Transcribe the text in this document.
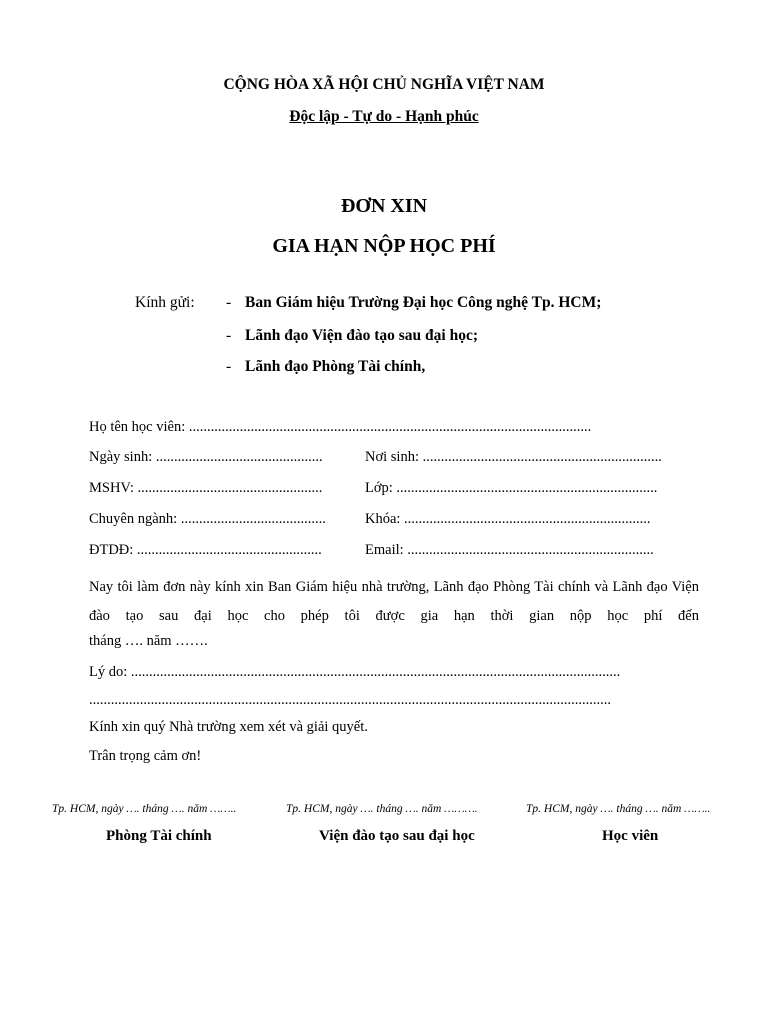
CỘNG HÒA XÃ HỘI CHỦ NGHĨA VIỆT NAM
Độc lập - Tự do - Hạnh phúc
ĐƠN XIN
GIA HẠN NỘP HỌC PHÍ
Kính gửi: - Ban Giám hiệu Trường Đại học Công nghệ Tp. HCM;
- Lãnh đạo Viện đào tạo sau đại học;
- Lãnh đạo Phòng Tài chính,
Họ tên học viên: ...............................................................................................................
Ngày sinh: ..............................................	Nơi sinh: ..................................................................
MSHV: ...................................................	Lớp: ........................................................................
Chuyên ngành: ........................................	Khóa: ....................................................................
ĐTDĐ: ...................................................	Email: ....................................................................
Nay tôi làm đơn này kính xin Ban Giám hiệu nhà trường, Lãnh đạo Phòng Tài chính và Lãnh đạo Viện đào tạo sau đại học cho phép tôi được gia hạn thời gian nộp học phí đến
tháng …. năm …….
Lý do: .......................................................................................................................................
................................................................................................................................................
Kính xin quý Nhà trường xem xét và giải quyết.
Trân trọng cảm ơn!
Tp. HCM, ngày …. tháng …. năm ……..	Tp. HCM, ngày …. tháng …. năm ……….	Tp. HCM, ngày …. tháng …. năm ……..
Phòng Tài chính	Viện đào tạo sau đại học	Học viên
